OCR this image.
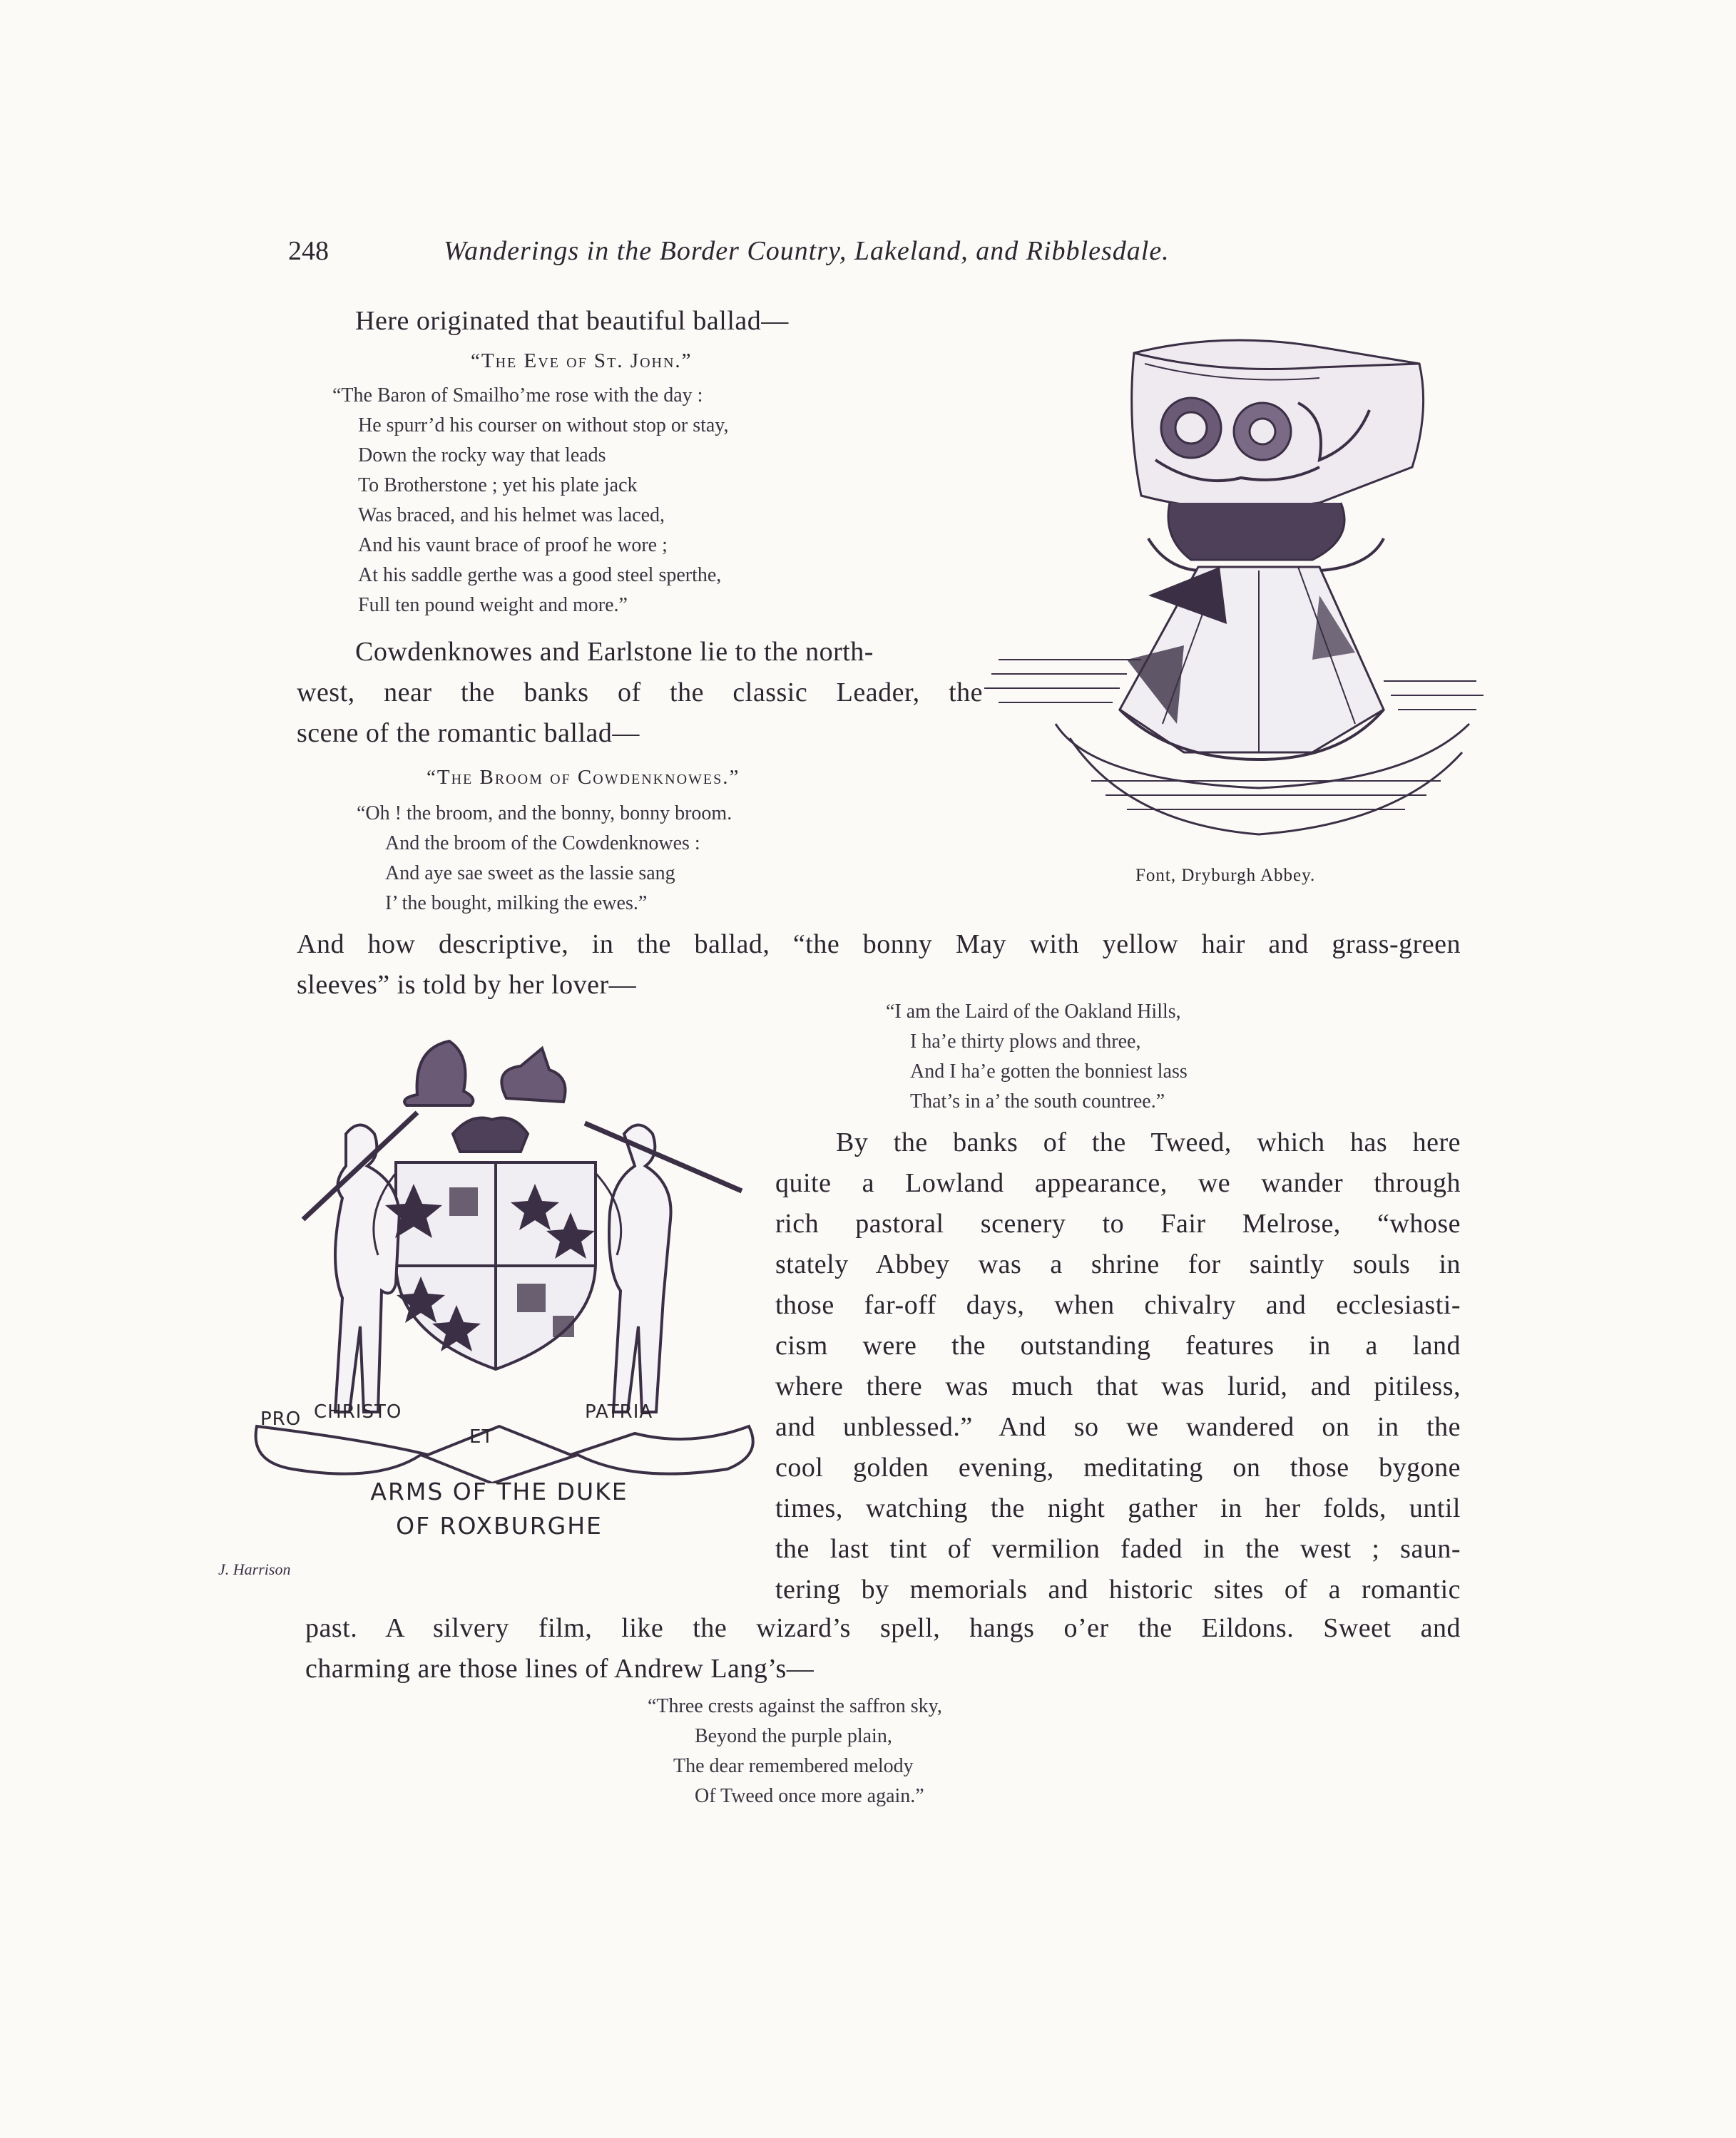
248	Wanderings in the Border Country, Lakeland, and Ribblesdale.
Here originated that beautiful ballad—
“The Eve of St. John.”
“The Baron of Smailho’me rose with the day :
He spurr’d his courser on without stop or stay,
Down the rocky way that leads
To Brotherstone ; yet his plate jack
Was braced, and his helmet was laced,
And his vaunt brace of proof he wore ;
At his saddle gerthe was a good steel sperthe,
Full ten pound weight and more.”
Cowdenknowes and Earlstone lie to the north-
west, near the banks of the classic Leader, the
scene of the romantic ballad—
“The Broom of Cowdenknowes.”
“Oh ! the broom, and the bonny, bonny broom.
And the broom of the Cowdenknowes :
And aye sae sweet as the lassie sang
I’ the bought, milking the ewes.”
Font, Dryburgh Abbey.
And how descriptive, in the ballad, “the bonny May with yellow hair and grass-green
sleeves” is told by her lover—
“I am the Laird of the Oakland Hills,
I ha’e thirty plows and three,
And I ha’e gotten the bonniest lass
That’s in a’ the south countree.”
PRO CHRISTO
ET
PATRIA
ARMS OF THE DUKE
OF ROXBURGHE
J. Harrison
By the banks of the Tweed, which has here
quite a Lowland appearance, we wander through
rich pastoral scenery to Fair Melrose, “whose
stately Abbey was a shrine for saintly souls in
those far-off days, when chivalry and ecclesiasti-
cism were the outstanding features in a land
where there was much that was lurid, and pitiless,
and unblessed.” And so we wandered on in the
cool golden evening, meditating on those bygone
times, watching the night gather in her folds, until
the last tint of vermilion faded in the west ; saun-
tering by memorials and historic sites of a romantic
past. A silvery film, like the wizard’s spell, hangs o’er the Eildons. Sweet and
charming are those lines of Andrew Lang’s—
“Three crests against the saffron sky,
Beyond the purple plain,
The dear remembered melody
Of Tweed once more again.”
